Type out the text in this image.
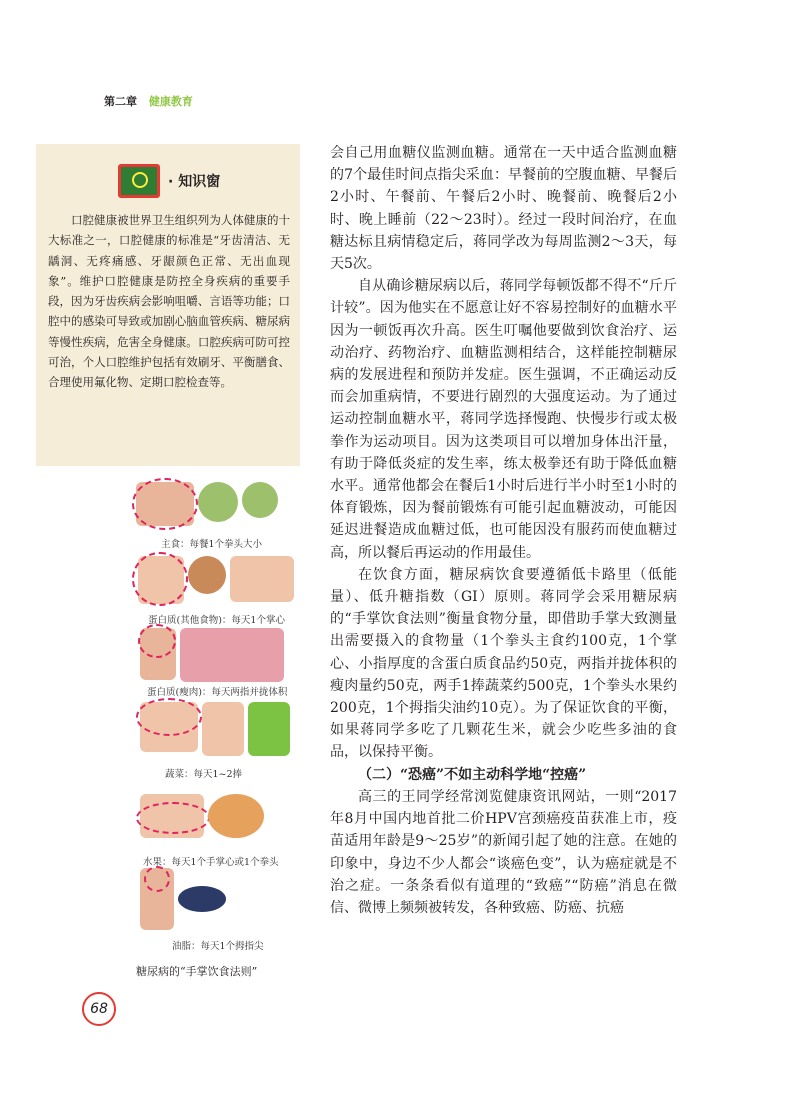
第二章 健康教育
· 知识窗

口腔健康被世界卫生组织列为人体健康的十大标准之一，口腔健康的标准是“牙齿清洁、无龋洞、无疼痛感、牙龈颜色正常、无出血现象”。维护口腔健康是防控全身疾病的重要手段，因为牙齿疾病会影响咀嚼、言语等功能；口腔中的感染可导致或加剧心脑血管疾病、糖尿病等慢性疾病，危害全身健康。口腔疾病可防可控可治，个人口腔维护包括有效刷牙、平衡膳食、合理使用氟化物、定期口腔检查等。

主食：每餐1个拳头大小
蛋白质(其他食物)：每天1个掌心
蛋白质(瘦肉)：每天两指并拢体积
蔬菜：每天1~2捧
水果：每天1个手掌心或1个拳头
油脂：每天1个拇指尖
糖尿病的“手掌饮食法则”

会自己用血糖仪监测血糖。通常在一天中适合监测血糖的7个最佳时间点指尖采血：早餐前的空腹血糖、早餐后2小时、午餐前、午餐后2小时、晚餐前、晚餐后2小时、晚上睡前（22～23时）。经过一段时间治疗，在血糖达标且病情稳定后，蒋同学改为每周监测2～3天，每天5次。

自从确诊糖尿病以后，蒋同学每顿饭都不得不“斤斤计较”。因为他实在不愿意让好不容易控制好的血糖水平因为一顿饭再次升高。医生叮嘱他要做到饮食治疗、运动治疗、药物治疗、血糖监测相结合，这样能控制糖尿病的发展进程和预防并发症。医生强调，不正确运动反而会加重病情，不要进行剧烈的大强度运动。为了通过运动控制血糖水平，蒋同学选择慢跑、快慢步行或太极拳作为运动项目。因为这类项目可以增加身体出汗量，有助于降低炎症的发生率，练太极拳还有助于降低血糖水平。通常他都会在餐后1小时后进行半小时至1小时的体育锻炼，因为餐前锻炼有可能引起血糖波动，可能因延迟进餐造成血糖过低，也可能因没有服药而使血糖过高，所以餐后再运动的作用最佳。

在饮食方面，糖尿病饮食要遵循低卡路里（低能量）、低升糖指数（GI）原则。蒋同学会采用糖尿病的“手掌饮食法则”衡量食物分量，即借助手掌大致测量出需要摄入的食物量（1个拳头主食约100克，1个掌心、小指厚度的含蛋白质食品约50克，两指并拢体积的瘦肉量约50克，两手1捧蔬菜约500克，1个拳头水果约200克，1个拇指尖油约10克）。为了保证饮食的平衡，如果蒋同学多吃了几颗花生米，就会少吃些多油的食品，以保持平衡。

（二）“恐癌”不如主动科学地“控癌”

高三的王同学经常浏览健康资讯网站，一则“2017年8月中国内地首批二价HPV宫颈癌疫苗获准上市，疫苗适用年龄是9～25岁”的新闻引起了她的注意。在她的印象中，身边不少人都会“谈癌色变”，认为癌症就是不治之症。一条条看似有道理的“致癌”“防癌”消息在微信、微博上频频被转发，各种致癌、防癌、抗癌

68
